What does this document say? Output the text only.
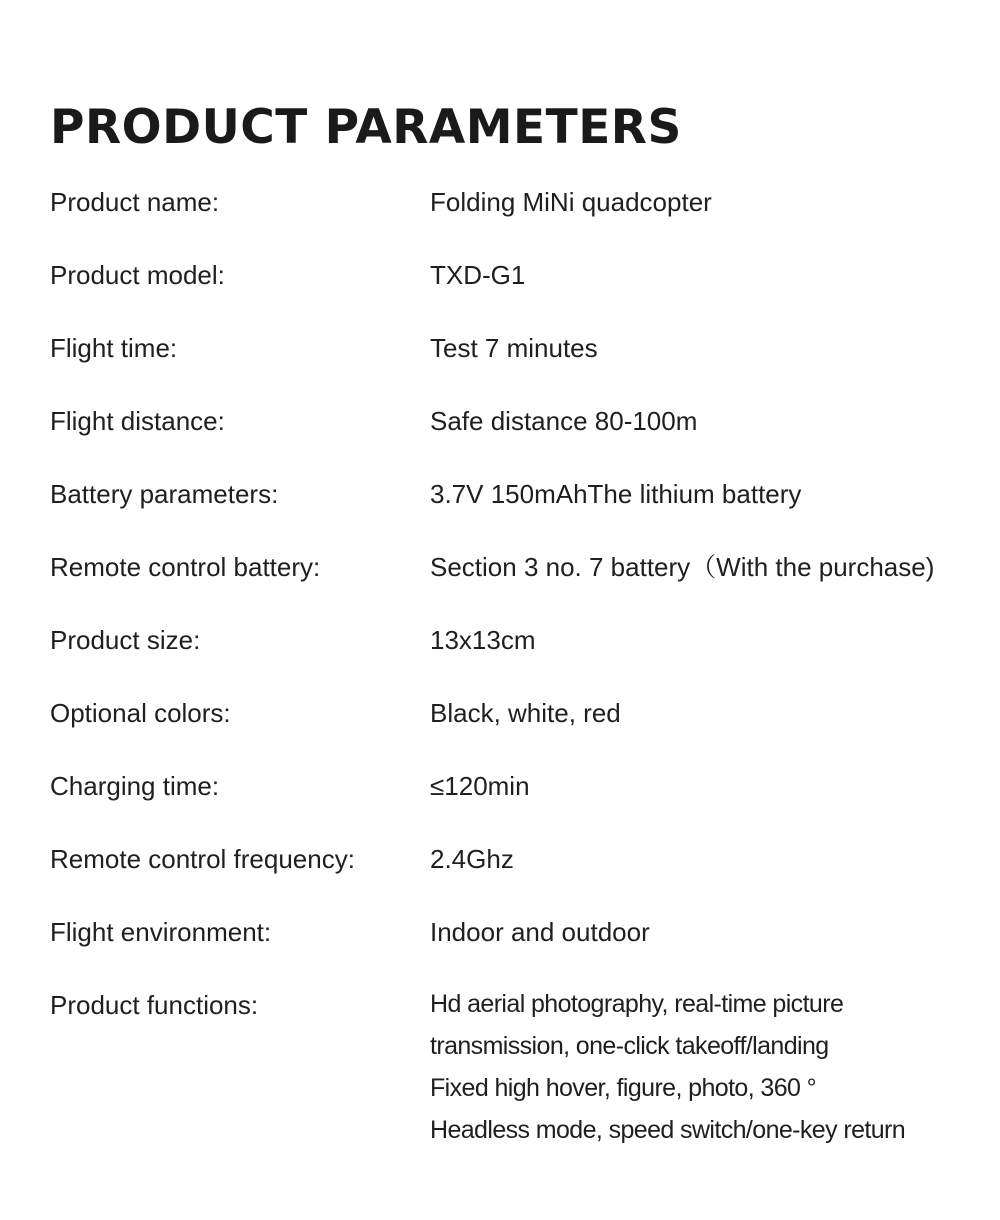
PRODUCT PARAMETERS
Product name:	Folding MiNi quadcopter
Product model:	TXD-G1
Flight time:	Test 7 minutes
Flight distance:	Safe distance 80-100m
Battery parameters:	3.7V 150mAhThe lithium battery
Remote control battery:	Section 3 no. 7 battery（With the purchase)
Product size:	13x13cm
Optional colors:	Black, white, red
Charging time:	≤120min
Remote control frequency:	2.4Ghz
Flight environment:	Indoor and outdoor
Product functions:	Hd aerial photography, real-time picture
transmission, one-click takeoff/landing
Fixed high hover, figure, photo, 360 °
Headless mode, speed switch/one-key return
